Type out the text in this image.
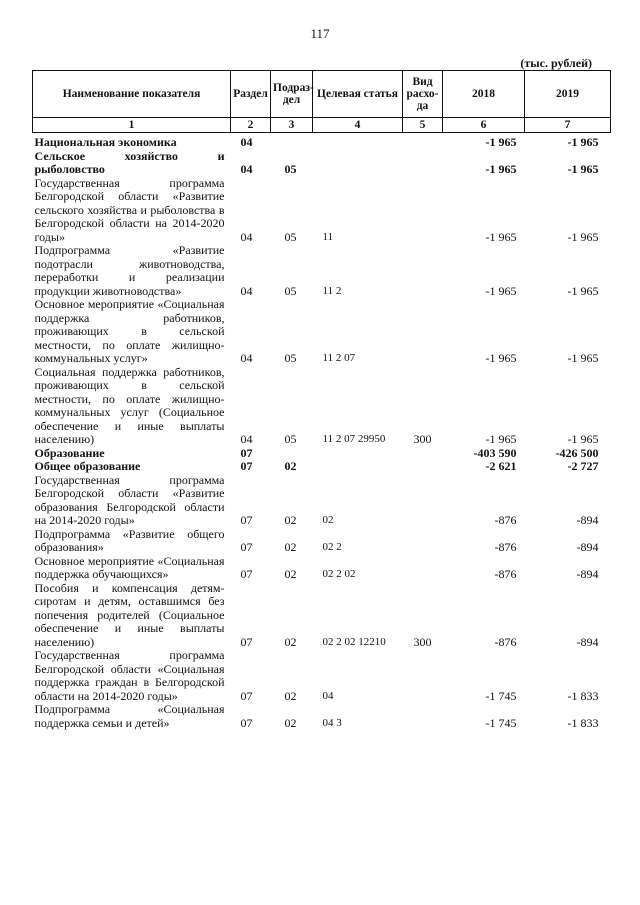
117
(тыс. рублей)
Наименование показателя	Раздел	Подраз-дел	Целевая статья	Вид расхо-да	2018	2019
1	2	3	4	5	6	7
Национальная экономика	04				-1 965	-1 965
Сельское хозяйство и рыболовство	04	05			-1 965	-1 965
Государственная программа Белгородской области «Развитие сельского хозяйства и рыболовства в Белгородской области на 2014-2020 годы»	04	05	11		-1 965	-1 965
Подпрограмма «Развитие подотрасли животноводства, переработки и реализации продукции животноводства»	04	05	11 2		-1 965	-1 965
Основное мероприятие «Социальная поддержка работников, проживающих в сельской местности, по оплате жилищно-коммунальных услуг»	04	05	11 2 07		-1 965	-1 965
Социальная поддержка работников, проживающих в сельской местности, по оплате жилищно-коммунальных услуг (Социальное обеспечение и иные выплаты населению)	04	05	11 2 07 29950	300	-1 965	-1 965
Образование	07				-403 590	-426 500
Общее образование	07	02			-2 621	-2 727
Государственная программа Белгородской области «Развитие образования Белгородской области на 2014-2020 годы»	07	02	02		-876	-894
Подпрограмма «Развитие общего образования»	07	02	02 2		-876	-894
Основное мероприятие «Социальная поддержка обучающихся»	07	02	02 2 02		-876	-894
Пособия и компенсация детям-сиротам и детям, оставшимся без попечения родителей (Социальное обеспечение и иные выплаты населению)	07	02	02 2 02 12210	300	-876	-894
Государственная программа Белгородской области «Социальная поддержка граждан в Белгородской области на 2014-2020 годы»	07	02	04		-1 745	-1 833
Подпрограмма «Социальная поддержка семьи и детей»	07	02	04 3		-1 745	-1 833
